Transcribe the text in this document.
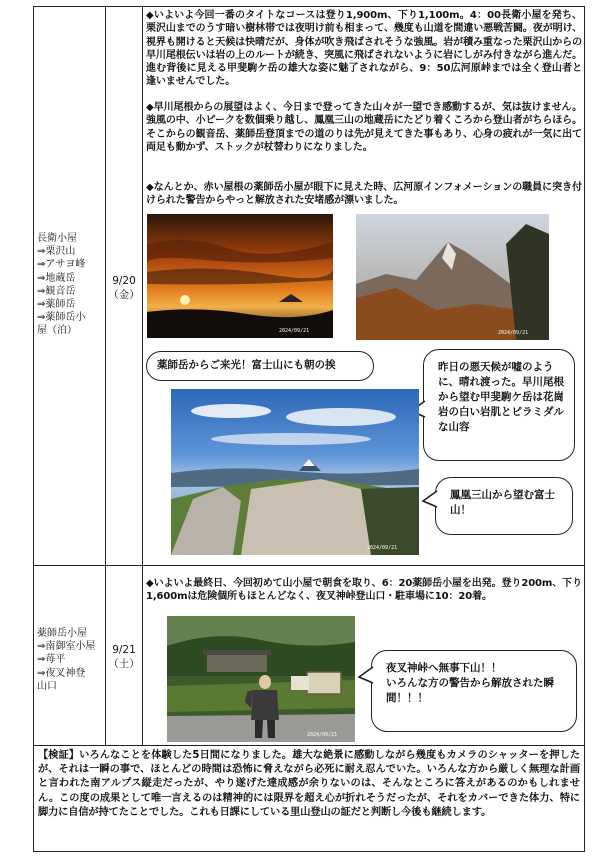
長衛小屋
⇒栗沢山
⇒アサヨ峰
⇒地蔵岳
⇒観音岳
⇒薬師岳
⇒薬師岳小
屋（泊）
9/20
（金）
◆いよいよ今回一番のタイトなコースは登り1,900m、下り1,100m。4：00長衛小屋を発ち、栗沢山までのうす暗い樹林帯では夜明け前も相まって、幾度も山道を間違い悪戦苦闘。夜が明け、視界も開けると天候は快晴だが、身体が吹き飛ばされそうな強風。岩が積み重なった栗沢山からの早川尾根伝いは岩の上のルートが続き、突風に飛ばされないように岩にしがみ付きながら進んだ。進む背後に見える甲斐駒ケ岳の雄大な姿に魅了されながら、9：50広河原峠までは全く登山者と逢いませんでした。
◆早川尾根からの展望はよく、今日まで登ってきた山々が一望でき感動するが、気は抜けません。強風の中、小ピークを数個乗り越し、鳳凰三山の地蔵岳にたどり着くころから登山者がちらほら。そこからの観音岳、薬師岳登頂までの道のりは先が見えてきた事もあり、心身の疲れが一気に出て両足も動かず、ストックが杖替わりになりました。
◆なんとか、赤い屋根の薬師岳小屋が眼下に見えた時、広河原インフォメーションの職員に突き付けられた警告からやっと解放された安堵感が漂いました。
2024/09/21	2024/09/21
薬師岳からご来光！富士山にも朝の挨	昨日の悪天候が嘘のように、晴れ渡った。早川尾根から望む甲斐駒ケ岳は花崗岩の白い岩肌とピラミダルな山容
2024/09/21
鳳凰三山から望む富士山！
薬師岳小屋
⇒南御室小屋
⇒苺平
⇒夜叉神登
山口
9/21
（土）
◆いよいよ最終日、今回初めて山小屋で朝食を取り、6：20薬師岳小屋を出発。登り200m、下り1,600mは危険個所もほとんどなく、夜叉神峠登山口・駐車場に10：20着。
2024/09/21
夜叉神峠へ無事下山！！
いろんな方の警告から解放された瞬間！！！
【検証】いろんなことを体験した5日間になりました。雄大な絶景に感動しながら幾度もカメラのシャッターを押したが、それは一瞬の事で、ほとんどの時間は恐怖に脅えながら必死に耐え忍んでいた。いろんな方から厳しく無理な計画と言われた南アルプス縦走だったが、やり遂げた達成感が余りないのは、そんなところに答えがあるのかもしれません。この度の成果として唯一言えるのは精神的には限界を超え心が折れそうだったが、それをカバーできた体力、特に脚力に自信が持てたことでした。これも日課にしている里山登山の証だと判断し今後も継続します。
